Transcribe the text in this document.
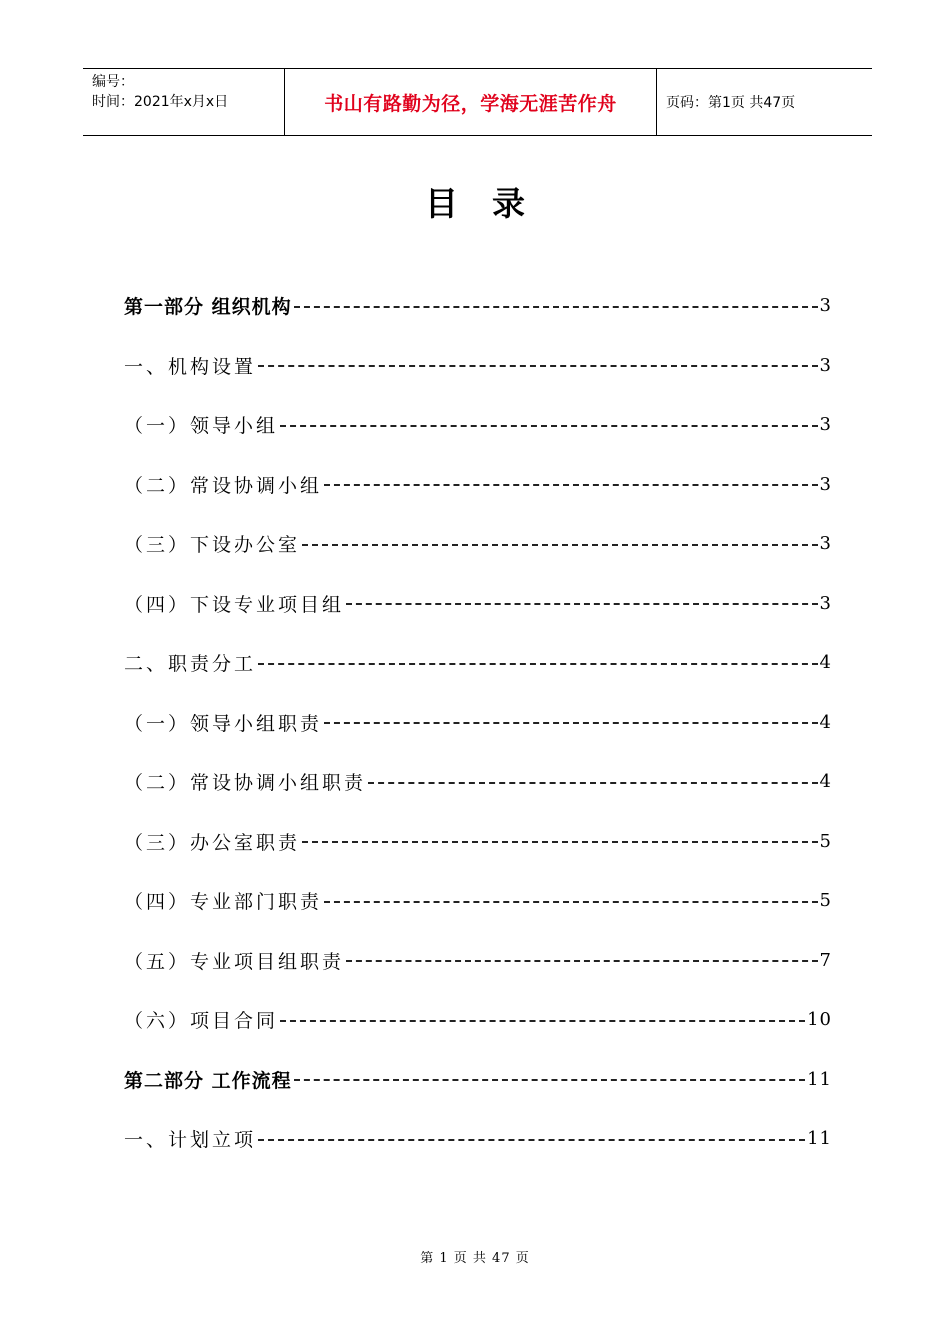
编号：
时间：2021年x月x日	书山有路勤为径，学海无涯苦作舟	页码：第1页 共47页
目录
第一部分 组织机构	3
一、机构设置	3
（一）领导小组	3
（二）常设协调小组	3
（三）下设办公室	3
（四）下设专业项目组	3
二、职责分工	4
（一）领导小组职责	4
（二）常设协调小组职责	4
（三）办公室职责	5
（四）专业部门职责	5
（五）专业项目组职责	7
（六）项目合同	10
第二部分 工作流程	11
一、计划立项	11
第 1 页 共 47 页
